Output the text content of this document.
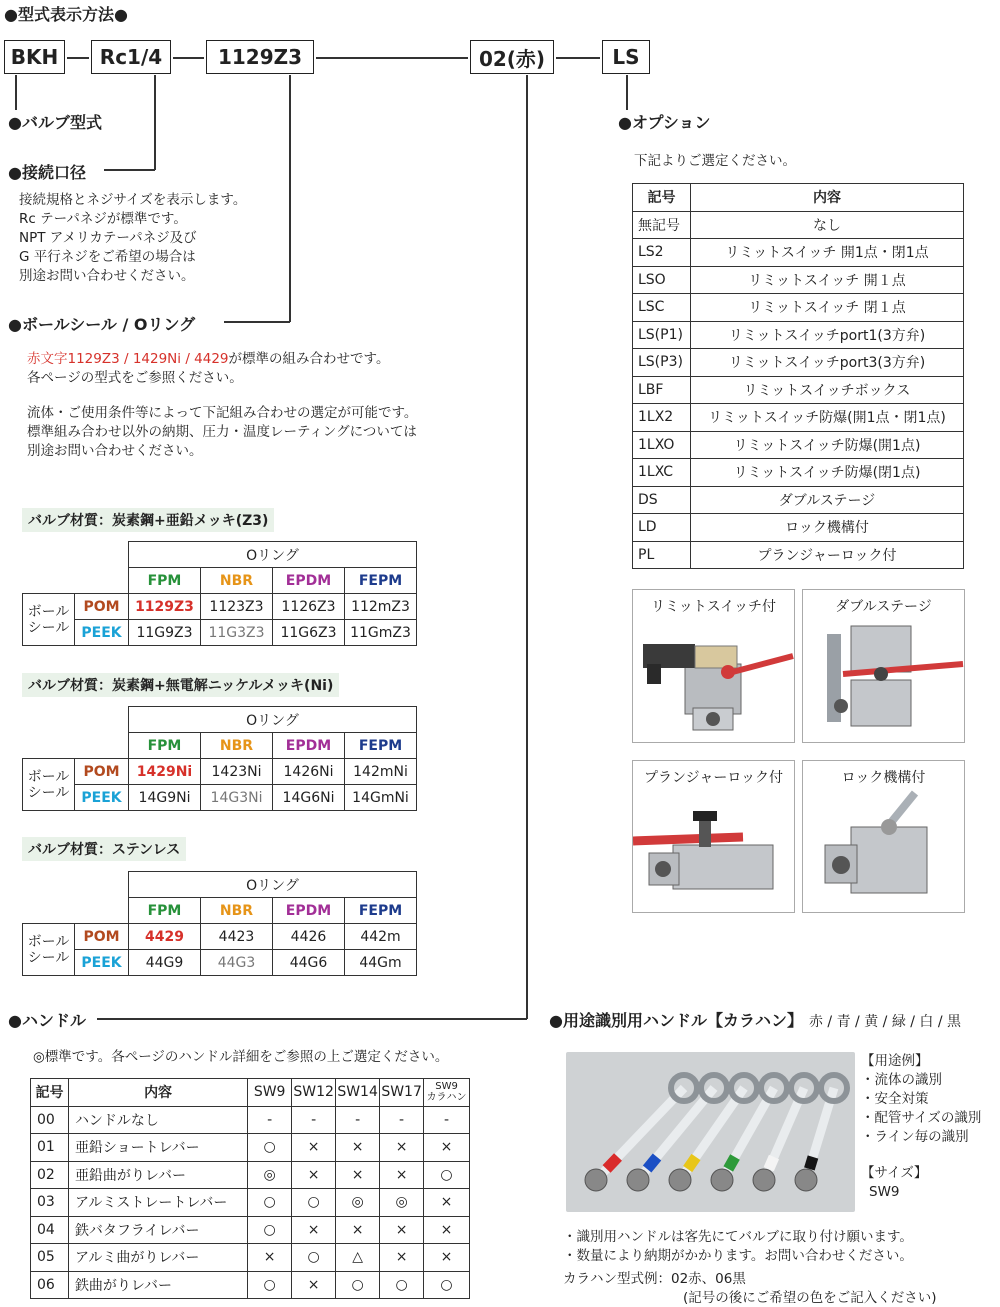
●型式表示方法●
BKH	Rc1/4	1129Z3	02(赤)	LS
●バルブ型式
●接続口径
接続規格とネジサイズを表示します。
Rc テーパネジが標準です。
NPT アメリカテーパネジ及び
G 平行ネジをご希望の場合は
別途お問い合わせください。
●ボールシール / Oリング
赤文字1129Z3 / 1429Ni / 4429が標準の組み合わせです。
各ページの型式をご参照ください。
流体・ご使用条件等によって下記組み合わせの選定が可能です。
標準組み合わせ以外の納期、圧力・温度レーティングについては
別途お問い合わせください。
バルブ材質：炭素鋼+亜鉛メッキ(Z3)
		Oリング			
		FPM	NBR	EPDM	FEPM
ボール
シール	POM	1129Z3	1123Z3	1126Z3	112mZ3
	PEEK	11G9Z3	11G3Z3	11G6Z3	11GmZ3
バルブ材質：炭素鋼+無電解ニッケルメッキ(Ni)
		Oリング			
		FPM	NBR	EPDM	FEPM
ボール
シール	POM	1429Ni	1423Ni	1426Ni	142mNi
	PEEK	14G9Ni	14G3Ni	14G6Ni	14GmNi
バルブ材質：ステンレス
		Oリング			
		FPM	NBR	EPDM	FEPM
ボール
シール	POM	4429	4423	4426	442m
	PEEK	44G9	44G3	44G6	44Gm
●オプション
下記よりご選定ください。
記号	内容
無記号	なし
LS2	リミットスイッチ 開1点・閉1点
LSO	リミットスイッチ 開１点
LSC	リミットスイッチ 閉１点
LS(P1)	リミットスイッチport1(3方弁)
LS(P3)	リミットスイッチport3(3方弁)
LBF	リミットスイッチボックス
1LX2	リミットスイッチ防爆(開1点・閉1点)
1LXO	リミットスイッチ防爆(開1点)
1LXC	リミットスイッチ防爆(閉1点)
DS	ダブルステージ
LD	ロック機構付
PL	プランジャーロック付
リミットスイッチ付	ダブルステージ
プランジャーロック付	ロック機構付
●ハンドル
◎標準です。各ページのハンドル詳細をご参照の上ご選定ください。
記号	内容	SW9	SW12	SW14	SW17	SW9
カラハン

00	ハンドルなし	-	-	-	-	-
01	亜鉛ショートレバー	○	×	×	×	×
02	亜鉛曲がりレバー	◎	×	×	×	○
03	アルミストレートレバー	○	○	◎	◎	×
04	鉄バタフライレバー	○	×	×	×	×
05	アルミ曲がりレバー	×	○	△	×	×
06	鉄曲がりレバー	○	×	○	○	○
●用途識別用ハンドル【カラハン】 赤 / 青 / 黄 / 緑 / 白 / 黒
【用途例】
・流体の識別
・安全対策
・配管サイズの識別
・ライン毎の識別
【サイズ】
SW9
・識別用ハンドルは客先にてバルブに取り付け願います。
・数量により納期がかかります。お問い合わせください。
カラハン型式例：02赤、06黒
(記号の後にご希望の色をご記入ください)
